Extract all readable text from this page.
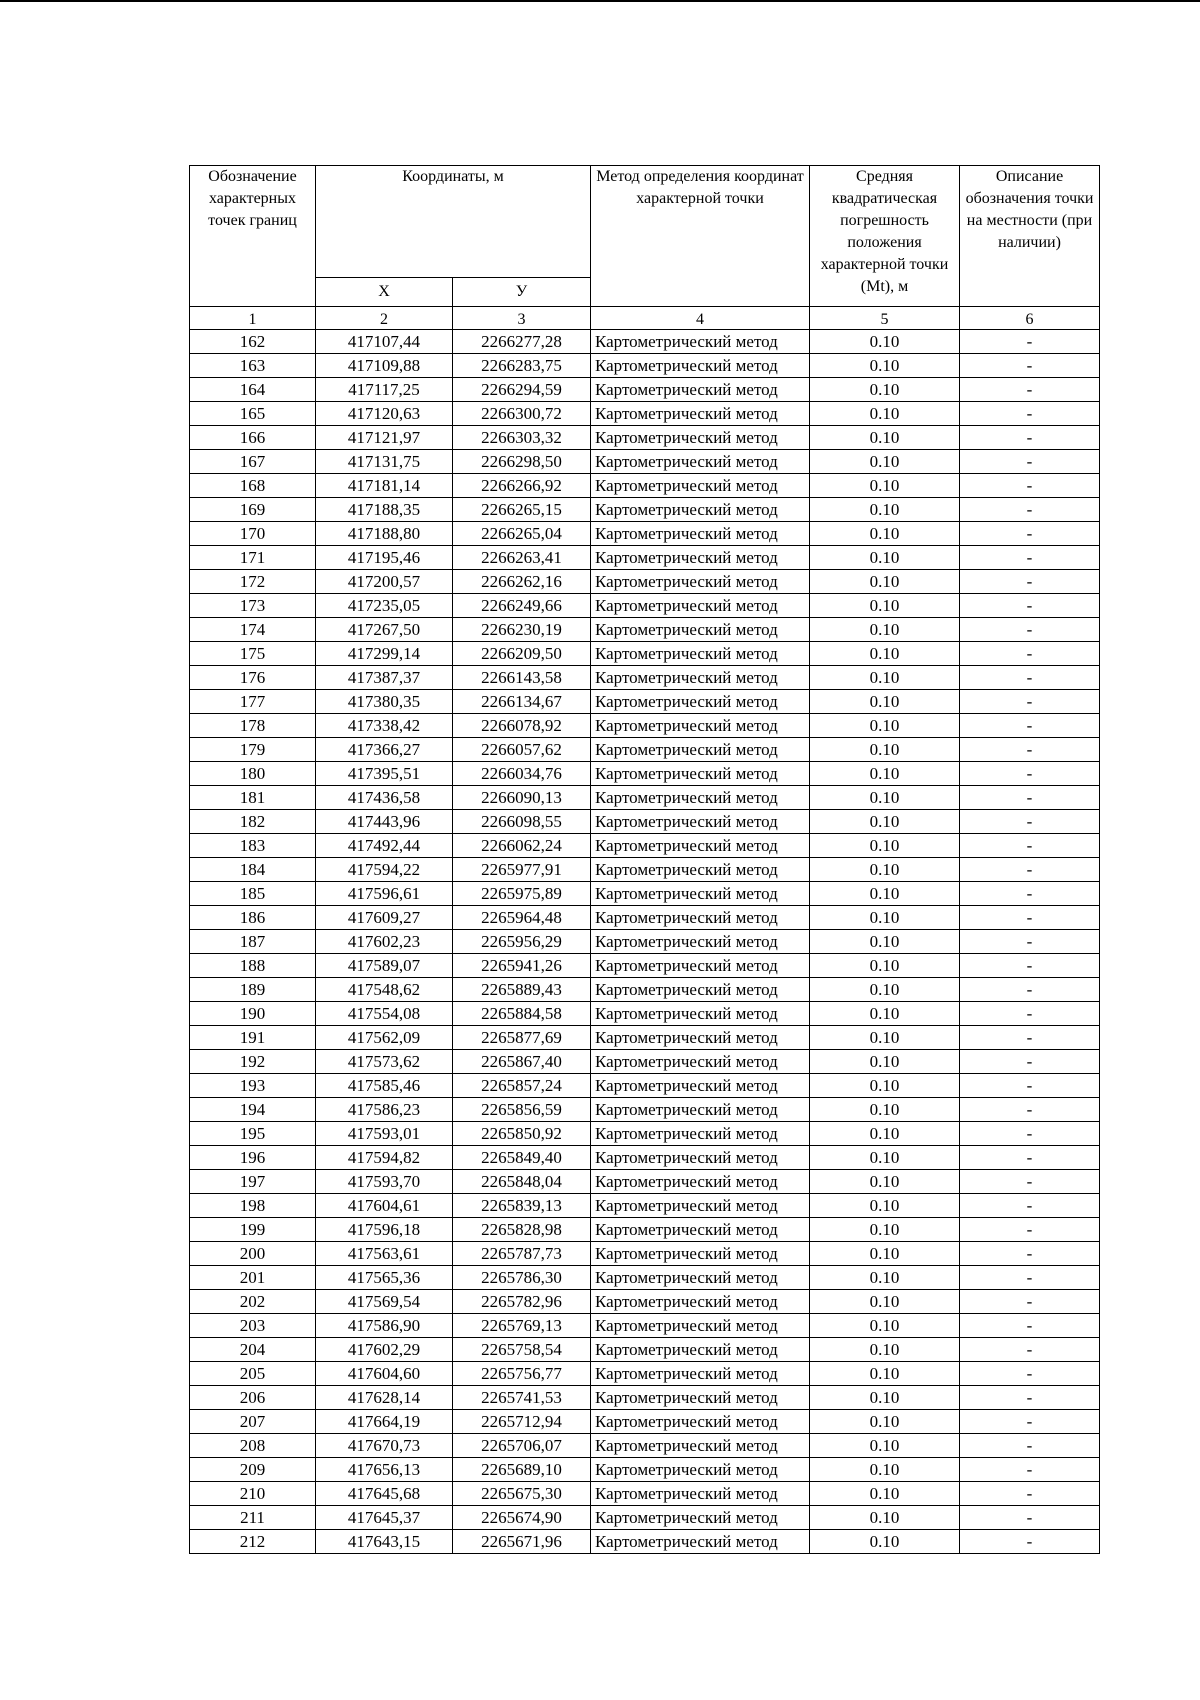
Обозначение характерных точек границ	Координаты, м		Метод определения координат характерной точки	Средняя квадратическая погрешность положения характерной точки (Mt), м	Описание обозначения точки на местности (при наличии)
	X	У			
1	2	3	4	5	6
162	417107,44	2266277,28	Картометрический метод	0.10	-
163	417109,88	2266283,75	Картометрический метод	0.10	-
164	417117,25	2266294,59	Картометрический метод	0.10	-
165	417120,63	2266300,72	Картометрический метод	0.10	-
166	417121,97	2266303,32	Картометрический метод	0.10	-
167	417131,75	2266298,50	Картометрический метод	0.10	-
168	417181,14	2266266,92	Картометрический метод	0.10	-
169	417188,35	2266265,15	Картометрический метод	0.10	-
170	417188,80	2266265,04	Картометрический метод	0.10	-
171	417195,46	2266263,41	Картометрический метод	0.10	-
172	417200,57	2266262,16	Картометрический метод	0.10	-
173	417235,05	2266249,66	Картометрический метод	0.10	-
174	417267,50	2266230,19	Картометрический метод	0.10	-
175	417299,14	2266209,50	Картометрический метод	0.10	-
176	417387,37	2266143,58	Картометрический метод	0.10	-
177	417380,35	2266134,67	Картометрический метод	0.10	-
178	417338,42	2266078,92	Картометрический метод	0.10	-
179	417366,27	2266057,62	Картометрический метод	0.10	-
180	417395,51	2266034,76	Картометрический метод	0.10	-
181	417436,58	2266090,13	Картометрический метод	0.10	-
182	417443,96	2266098,55	Картометрический метод	0.10	-
183	417492,44	2266062,24	Картометрический метод	0.10	-
184	417594,22	2265977,91	Картометрический метод	0.10	-
185	417596,61	2265975,89	Картометрический метод	0.10	-
186	417609,27	2265964,48	Картометрический метод	0.10	-
187	417602,23	2265956,29	Картометрический метод	0.10	-
188	417589,07	2265941,26	Картометрический метод	0.10	-
189	417548,62	2265889,43	Картометрический метод	0.10	-
190	417554,08	2265884,58	Картометрический метод	0.10	-
191	417562,09	2265877,69	Картометрический метод	0.10	-
192	417573,62	2265867,40	Картометрический метод	0.10	-
193	417585,46	2265857,24	Картометрический метод	0.10	-
194	417586,23	2265856,59	Картометрический метод	0.10	-
195	417593,01	2265850,92	Картометрический метод	0.10	-
196	417594,82	2265849,40	Картометрический метод	0.10	-
197	417593,70	2265848,04	Картометрический метод	0.10	-
198	417604,61	2265839,13	Картометрический метод	0.10	-
199	417596,18	2265828,98	Картометрический метод	0.10	-
200	417563,61	2265787,73	Картометрический метод	0.10	-
201	417565,36	2265786,30	Картометрический метод	0.10	-
202	417569,54	2265782,96	Картометрический метод	0.10	-
203	417586,90	2265769,13	Картометрический метод	0.10	-
204	417602,29	2265758,54	Картометрический метод	0.10	-
205	417604,60	2265756,77	Картометрический метод	0.10	-
206	417628,14	2265741,53	Картометрический метод	0.10	-
207	417664,19	2265712,94	Картометрический метод	0.10	-
208	417670,73	2265706,07	Картометрический метод	0.10	-
209	417656,13	2265689,10	Картометрический метод	0.10	-
210	417645,68	2265675,30	Картометрический метод	0.10	-
211	417645,37	2265674,90	Картометрический метод	0.10	-
212	417643,15	2265671,96	Картометрический метод	0.10	-
